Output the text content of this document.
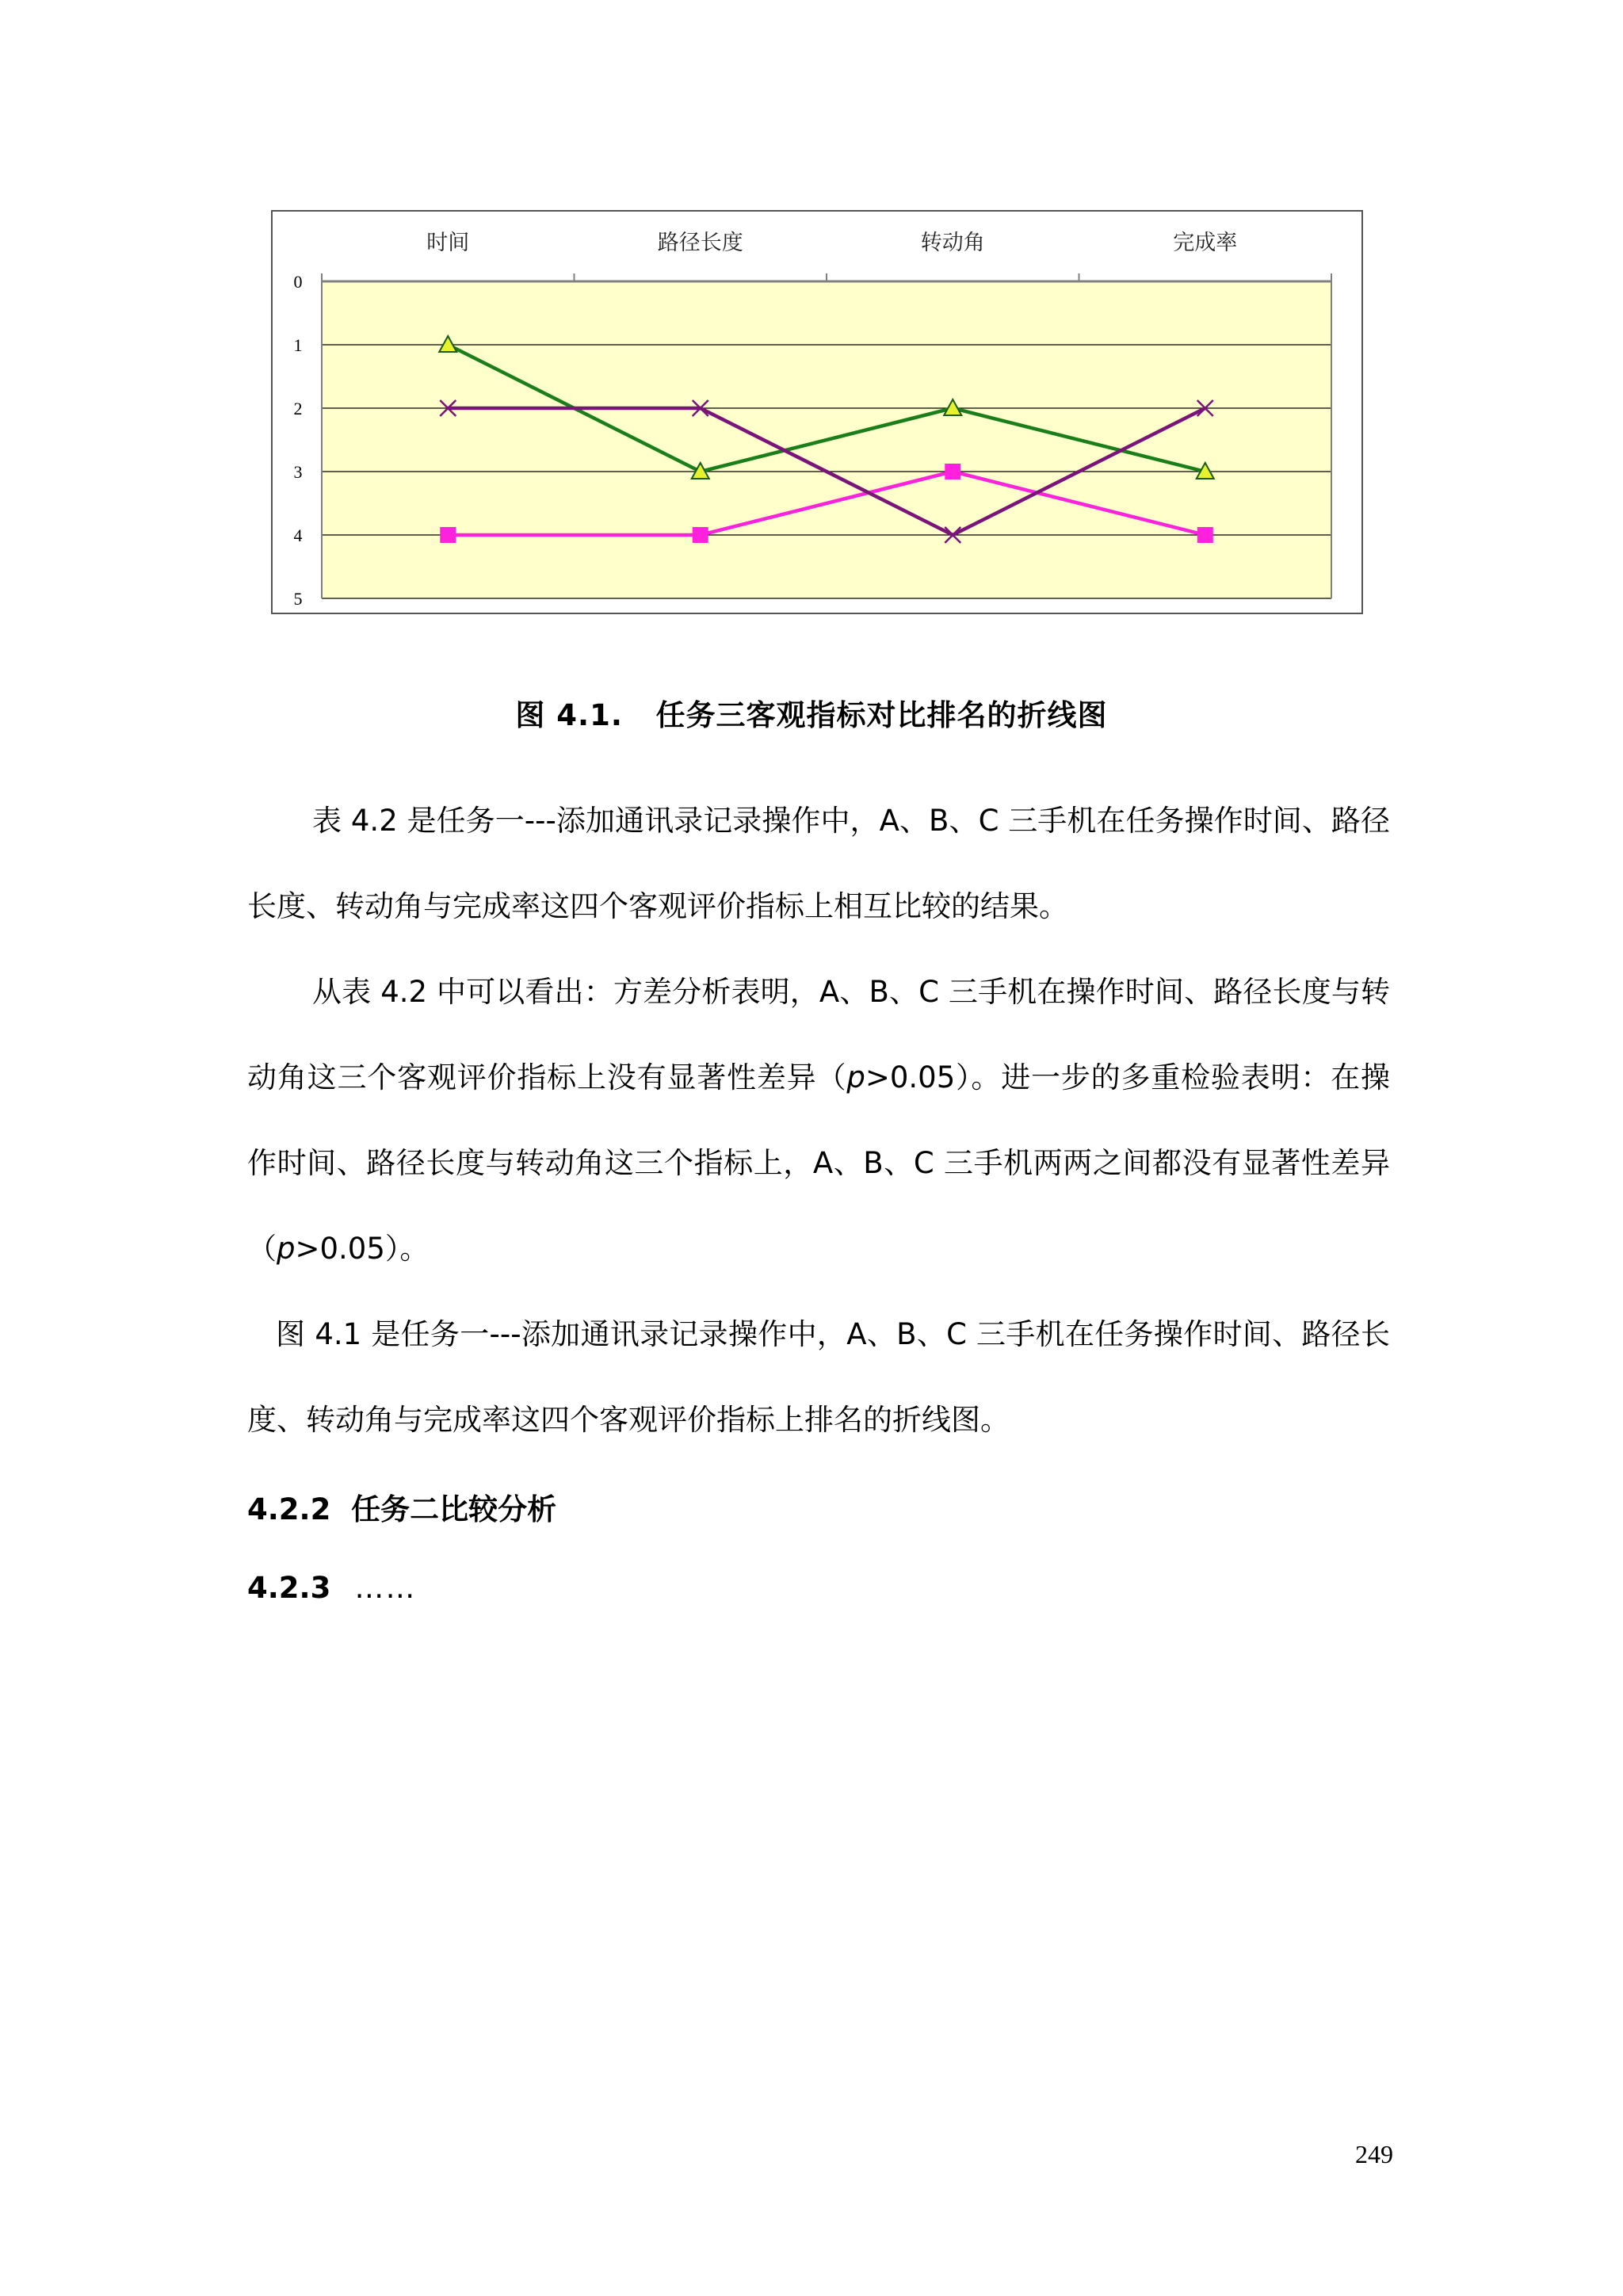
0
1
2
3
4
5
时间	路径长度	转动角	完成率
图 4.1. 任务三客观指标对比排名的折线图

表 4.2 是任务一---添加通讯录记录操作中，A、B、C 三手机在任务操作时间、路径长度、转动角与完成率这四个客观评价指标上相互比较的结果。

从表 4.2 中可以看出：方差分析表明，A、B、C 三手机在操作时间、路径长度与转动角这三个客观评价指标上没有显著性差异（p>0.05）。进一步的多重检验表明：在操作时间、路径长度与转动角这三个指标上，A、B、C 三手机两两之间都没有显著性差异（p>0.05）。

图 4.1 是任务一---添加通讯录记录操作中，A、B、C 三手机在任务操作时间、路径长度、转动角与完成率这四个客观评价指标上排名的折线图。

4.2.2 任务二比较分析
4.2.3 ……
249
